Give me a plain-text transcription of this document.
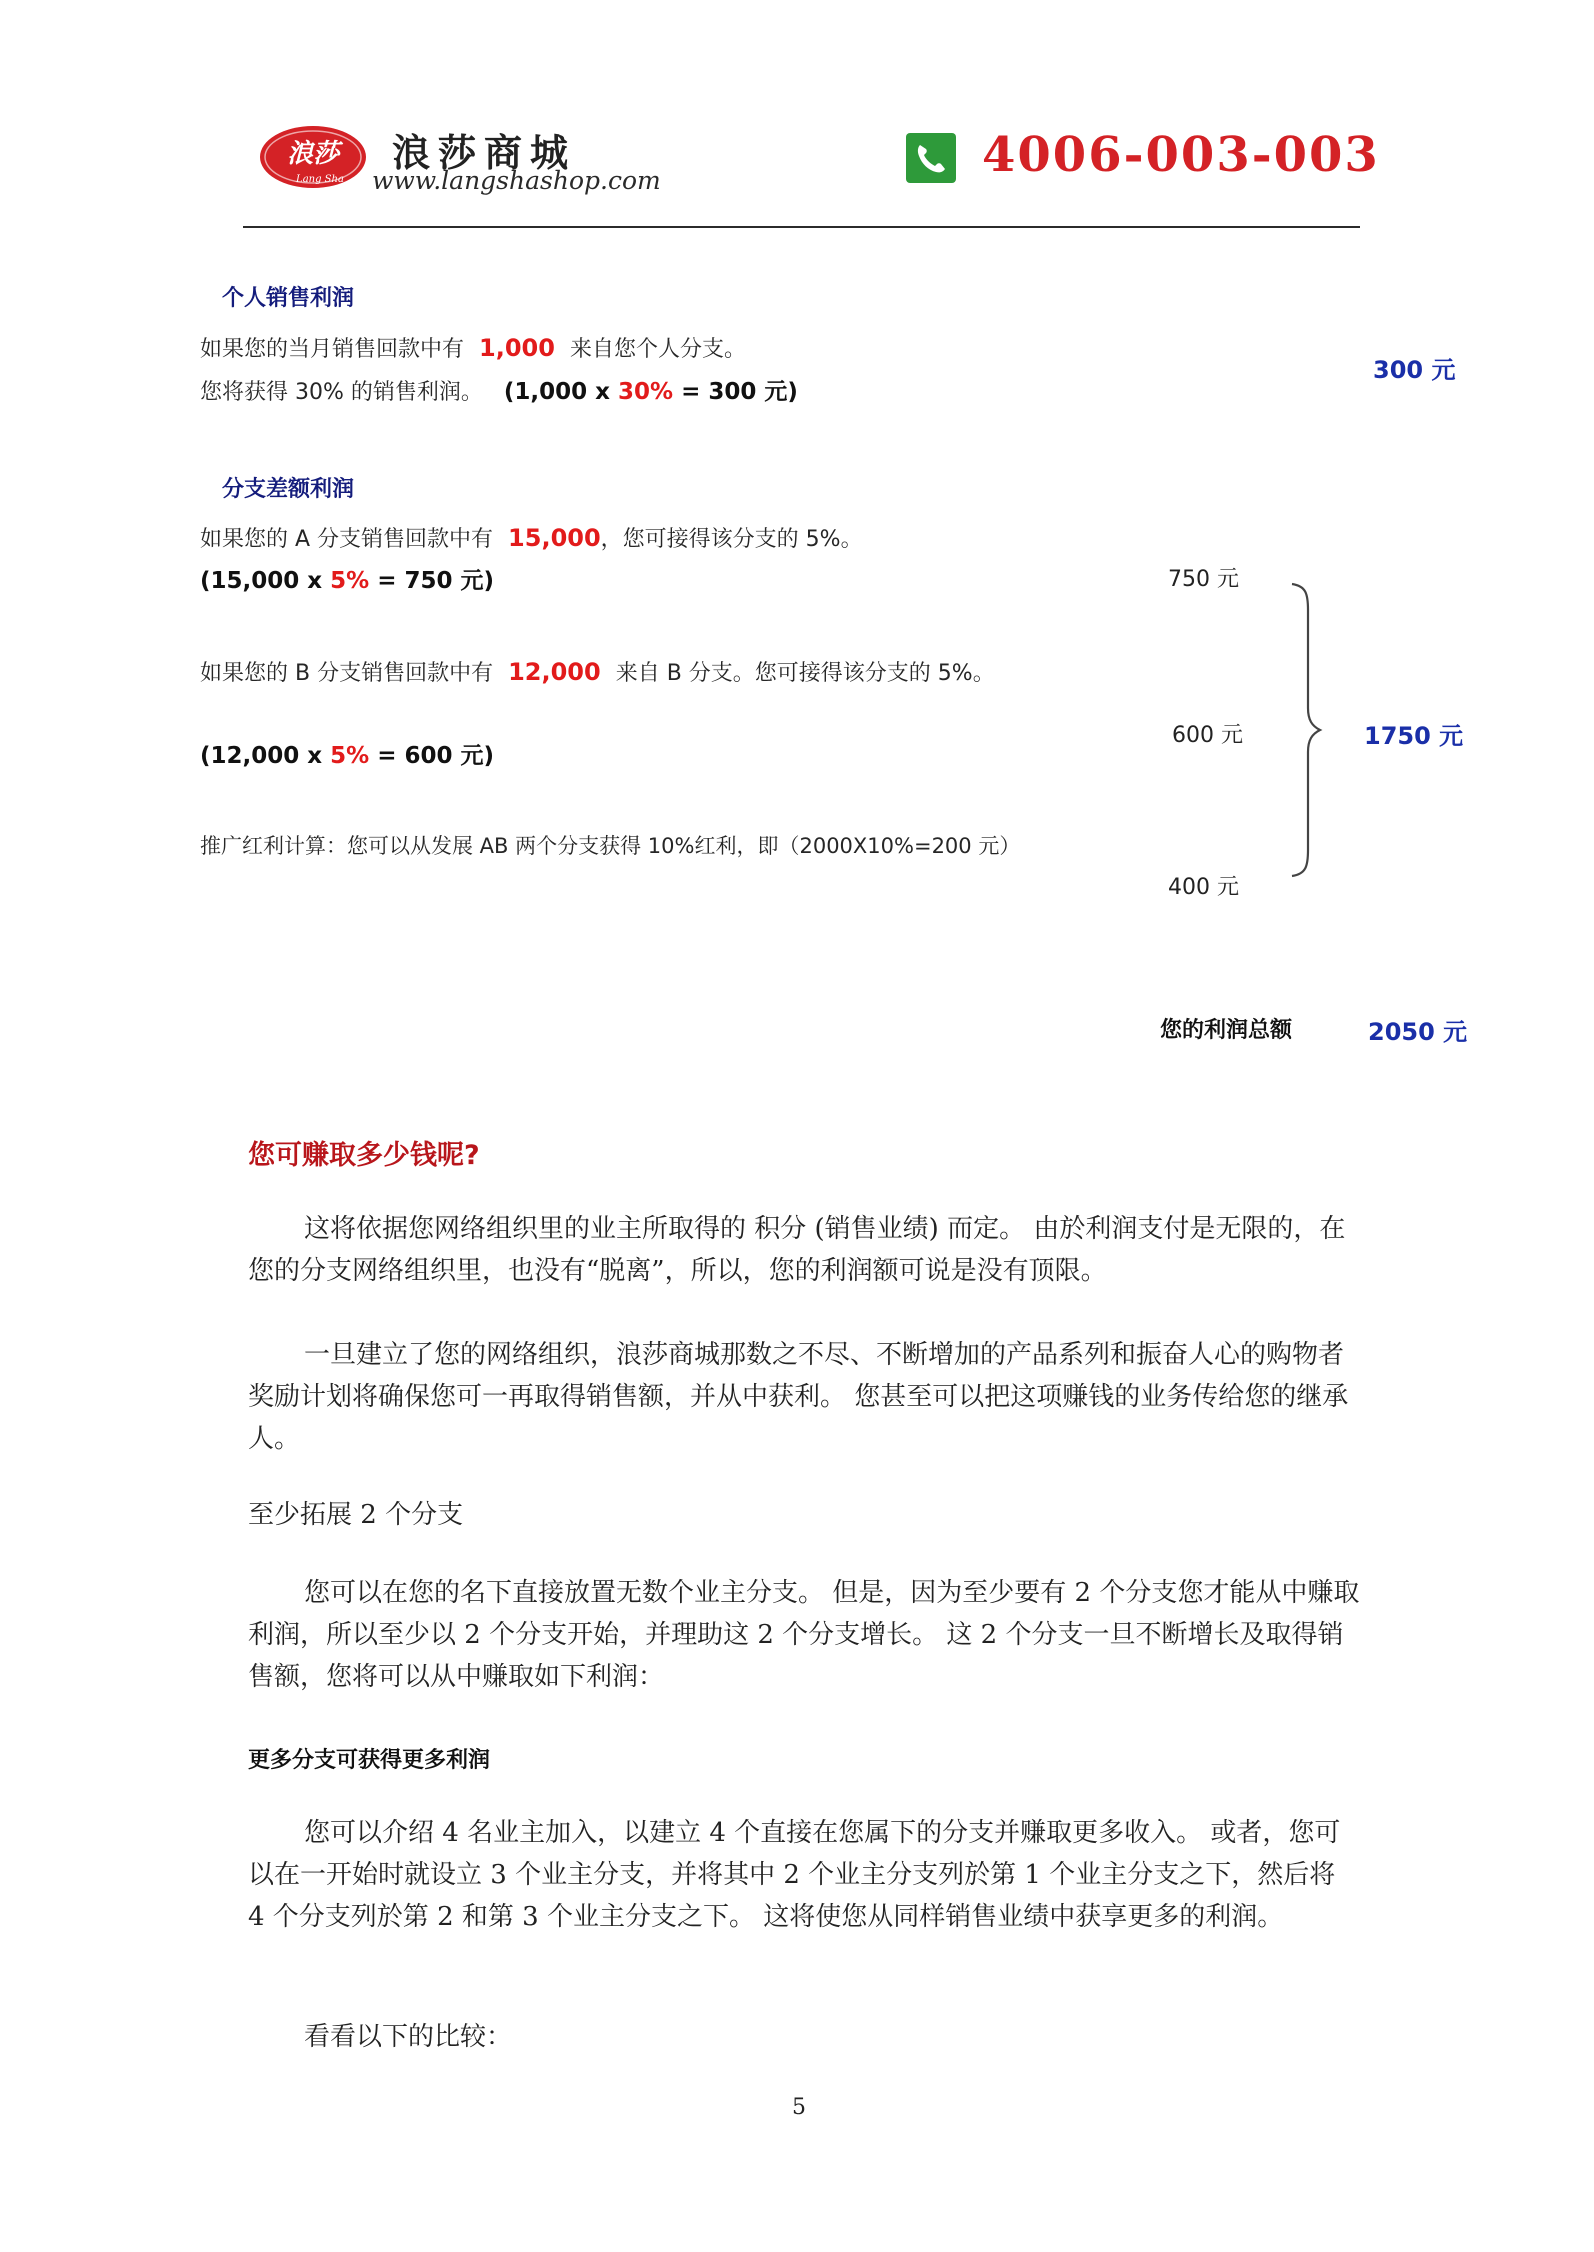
浪莎
Lang Sha
浪莎商城
www.langshashop.com	4006-003-003
个人销售利润
如果您的当月销售回款中有 1,000 来自您个人分支。
您将获得 30% 的销售利润。 (1,000 x 30% = 300 元)
300 元
分支差额利润
如果您的 A 分支销售回款中有 15,000，您可接得该分支的 5%。
(15,000 x 5% = 750 元)
如果您的 B 分支销售回款中有 12,000 来自 B 分支。您可接得该分支的 5%。
(12,000 x 5% = 600 元)
推广红利计算：您可以从发展 AB 两个分支获得 10%红利，即（2000X10%=200 元）
750 元
600 元
400 元
1750 元
您的利润总额	2050 元
您可赚取多少钱呢?
这将依据您网络组织里的业主所取得的 积分 (销售业绩) 而定。 由於利润支付是无限的，在您的分支网络组织里，也没有“脱离”，所以，您的利润额可说是没有顶限。
一旦建立了您的网络组织，浪莎商城那数之不尽、不断增加的产品系列和振奋人心的购物者奖励计划将确保您可一再取得销售额，并从中获利。 您甚至可以把这项赚钱的业务传给您的继承人。
至少拓展 2 个分支
您可以在您的名下直接放置无数个业主分支。 但是，因为至少要有 2 个分支您才能从中赚取利润，所以至少以 2 个分支开始，并理助这 2 个分支增长。 这 2 个分支一旦不断增长及取得销售额，您将可以从中赚取如下利润：
更多分支可获得更多利润
您可以介绍 4 名业主加入，以建立 4 个直接在您属下的分支并赚取更多收入。 或者，您可以在一开始时就设立 3 个业主分支，并将其中 2 个业主分支列於第 1 个业主分支之下，然后将 4 个分支列於第 2 和第 3 个业主分支之下。 这将使您从同样销售业绩中获享更多的利润。
看看以下的比较：
5
